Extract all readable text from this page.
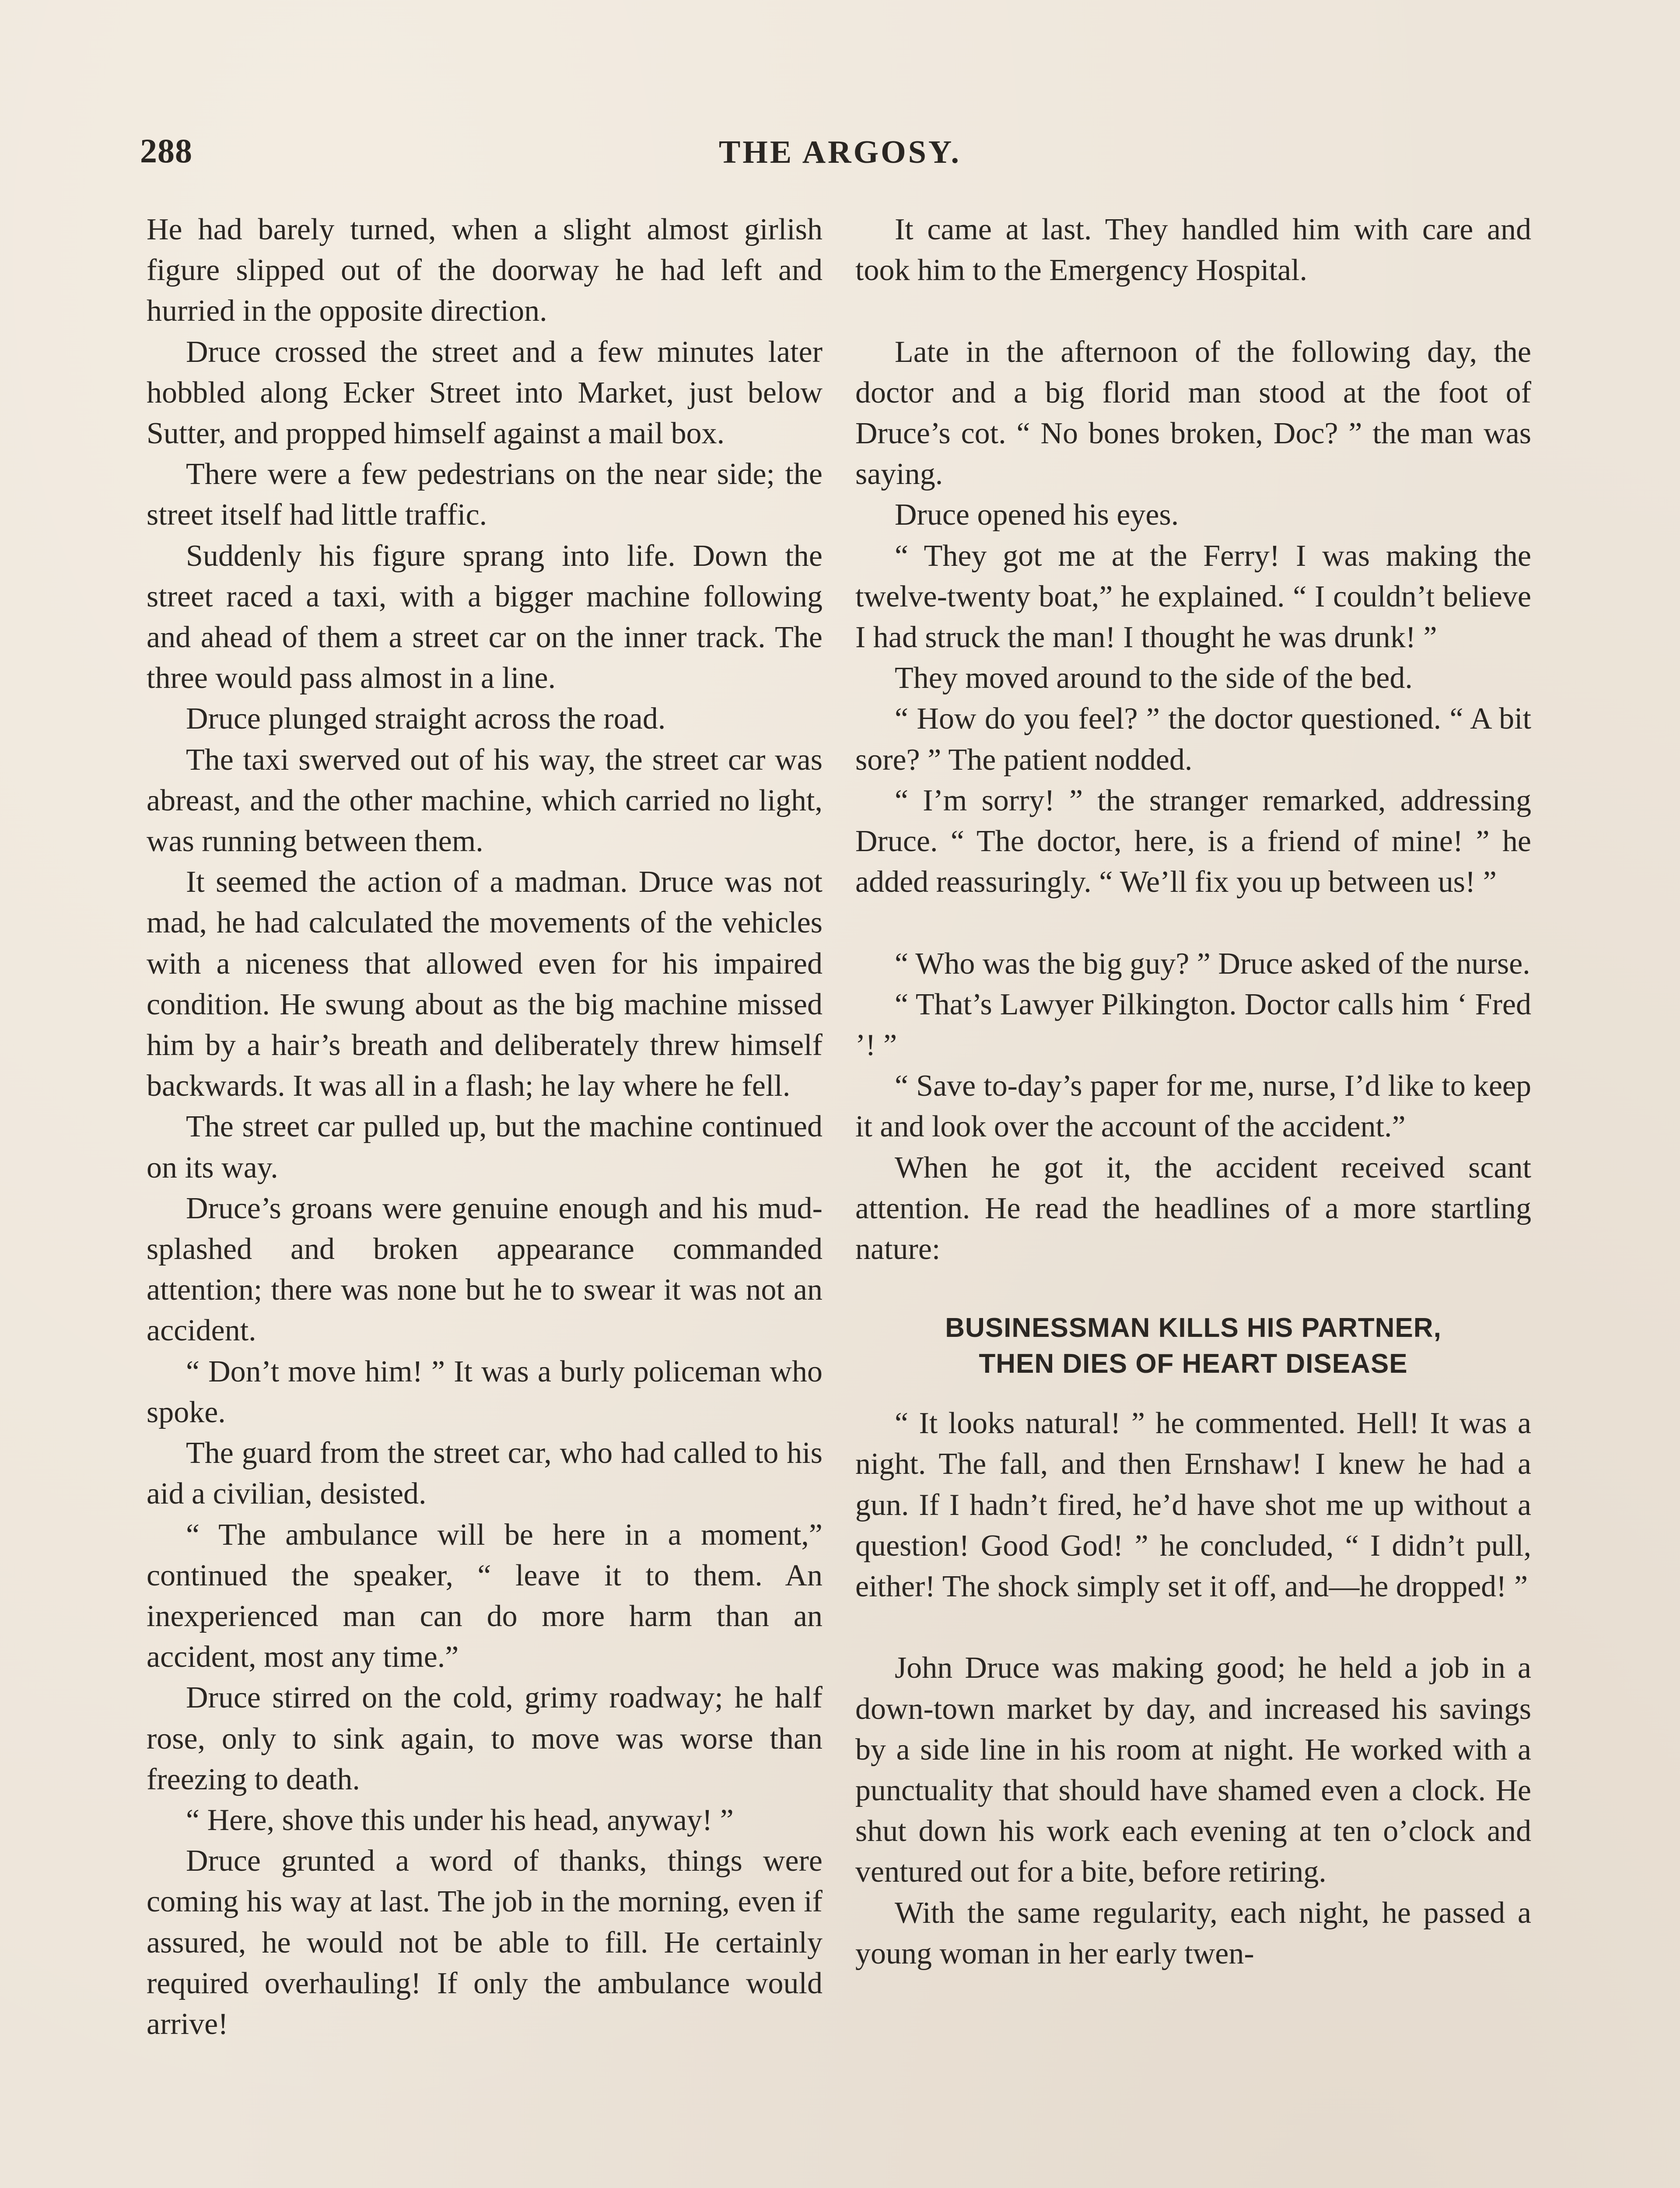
288	THE ARGOSY.

He had barely turned, when a slight almost girlish figure slipped out of the doorway he had left and hurried in the opposite direction.

Druce crossed the street and a few minutes later hobbled along Ecker Street into Market, just below Sutter, and propped himself against a mail box.

There were a few pedestrians on the near side; the street itself had little traffic.

Suddenly his figure sprang into life. Down the street raced a taxi, with a bigger machine following and ahead of them a street car on the inner track. The three would pass almost in a line.

Druce plunged straight across the road.

The taxi swerved out of his way, the street car was abreast, and the other machine, which carried no light, was running between them.

It seemed the action of a madman. Druce was not mad, he had calculated the movements of the vehicles with a niceness that allowed even for his impaired condition. He swung about as the big machine missed him by a hair’s breath and deliberately threw himself backwards. It was all in a flash; he lay where he fell.

The street car pulled up, but the machine continued on its way.

Druce’s groans were genuine enough and his mud-splashed and broken appearance commanded attention; there was none but he to swear it was not an accident.

“ Don’t move him! ” It was a burly policeman who spoke.

The guard from the street car, who had called to his aid a civilian, desisted.

“ The ambulance will be here in a moment,” continued the speaker, “ leave it to them. An inexperienced man can do more harm than an accident, most any time.”

Druce stirred on the cold, grimy roadway; he half rose, only to sink again, to move was worse than freezing to death.

“ Here, shove this under his head, anyway! ”

Druce grunted a word of thanks, things were coming his way at last. The job in the morning, even if assured, he would not be able to fill. He certainly required overhauling! If only the ambulance would arrive!

It came at last. They handled him with care and took him to the Emergency Hospital.

Late in the afternoon of the following day, the doctor and a big florid man stood at the foot of Druce’s cot. “ No bones broken, Doc? ” the man was saying.

Druce opened his eyes.

“ They got me at the Ferry! I was making the twelve-twenty boat,” he explained. “ I couldn’t believe I had struck the man! I thought he was drunk! ”

They moved around to the side of the bed.

“ How do you feel? ” the doctor questioned. “ A bit sore? ” The patient nodded.

“ I’m sorry! ” the stranger remarked, addressing Druce. “ The doctor, here, is a friend of mine! ” he added reassuringly. “ We’ll fix you up between us! ”

“ Who was the big guy? ” Druce asked of the nurse.

“ That’s Lawyer Pilkington. Doctor calls him ‘ Fred ’! ”

“ Save to-day’s paper for me, nurse, I’d like to keep it and look over the account of the accident.”

When he got it, the accident received scant attention. He read the headlines of a more startling nature:

BUSINESSMAN KILLS HIS PARTNER,
THEN DIES OF HEART DISEASE

“ It looks natural! ” he commented. Hell! It was a night. The fall, and then Ernshaw! I knew he had a gun. If I hadn’t fired, he’d have shot me up without a question! Good God! ” he concluded, “ I didn’t pull, either! The shock simply set it off, and—he dropped! ”

John Druce was making good; he held a job in a down-town market by day, and increased his savings by a side line in his room at night. He worked with a punctuality that should have shamed even a clock. He shut down his work each evening at ten o’clock and ventured out for a bite, before retiring.

With the same regularity, each night, he passed a young woman in her early twen-
